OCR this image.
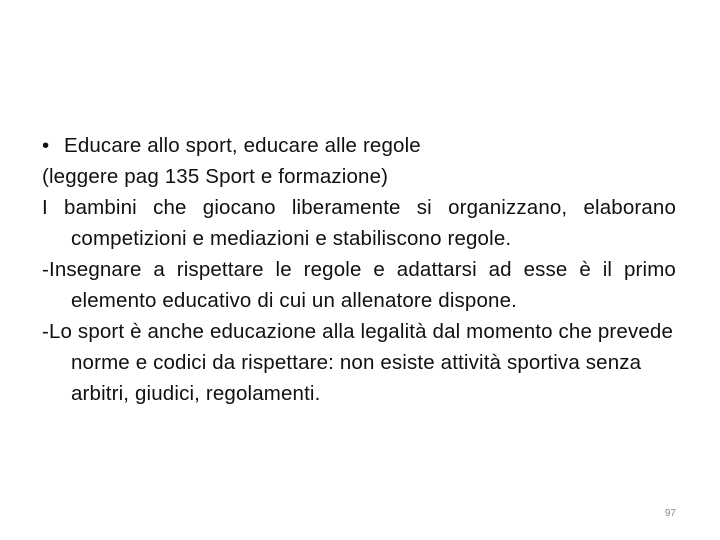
• Educare allo sport, educare alle regole

(leggere pag 135 Sport e formazione)

I bambini che giocano liberamente si organizzano, elaborano competizioni e mediazioni e stabiliscono regole.

-Insegnare a rispettare le regole e adattarsi ad esse è il primo elemento educativo di cui un allenatore dispone.

-Lo sport è anche educazione alla legalità dal momento che prevede norme e codici da rispettare: non esiste attività sportiva senza arbitri, giudici, regolamenti.

97
